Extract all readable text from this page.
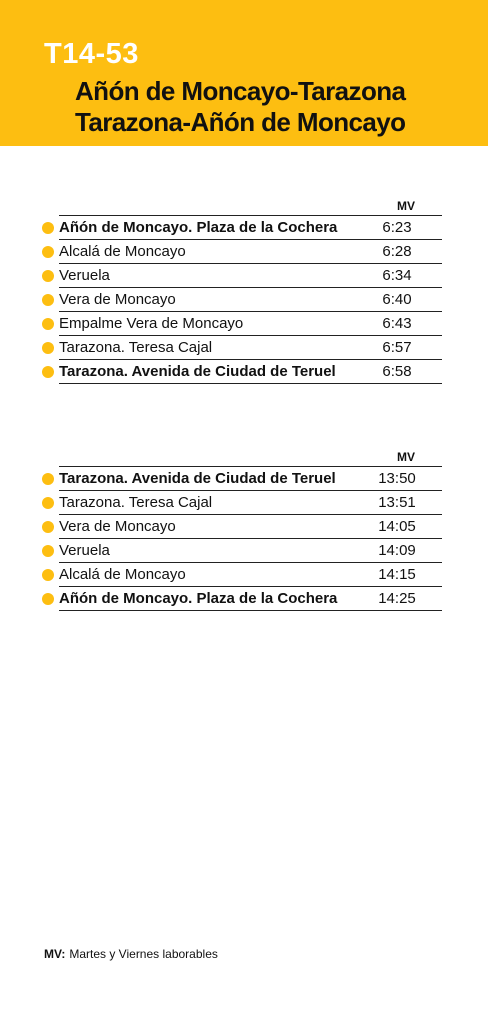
T14-53
Añón de Moncayo-Tarazona
Tarazona-Añón de Moncayo
MV
Añón de Moncayo. Plaza de la Cochera	6:23
Alcalá de Moncayo	6:28
Veruela	6:34
Vera de Moncayo	6:40
Empalme Vera de Moncayo	6:43
Tarazona. Teresa Cajal	6:57
Tarazona. Avenida de Ciudad de Teruel	6:58
MV
Tarazona. Avenida de Ciudad de Teruel	13:50
Tarazona. Teresa Cajal	13:51
Vera de Moncayo	14:05
Veruela	14:09
Alcalá de Moncayo	14:15
Añón de Moncayo. Plaza de la Cochera	14:25
MV: Martes y Viernes laborables
